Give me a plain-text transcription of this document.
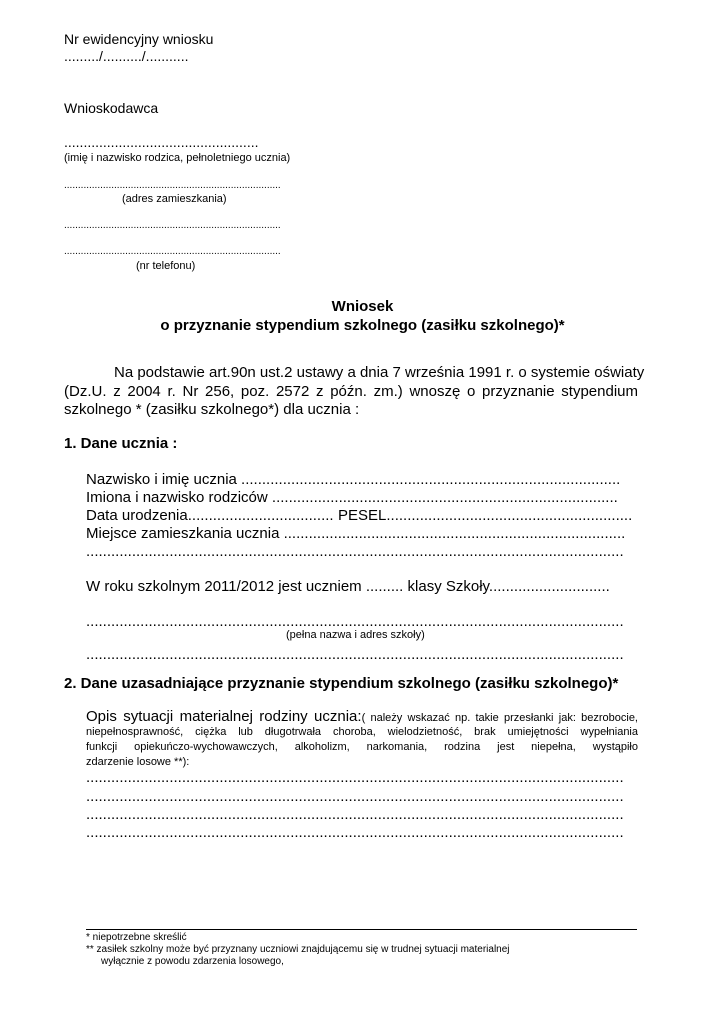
Nr ewidencyjny wniosku
........./........../...........
Wnioskodawca
..................................................
(imię i nazwisko rodzica, pełnoletniego ucznia)
..............................................................................
(adres zamieszkania)
..............................................................................
..............................................................................
(nr telefonu)
Wniosek
o przyznanie stypendium szkolnego (zasiłku szkolnego)*
Na podstawie art.90n ust.2 ustawy a dnia 7 września 1991 r. o systemie oświaty
(Dz.U. z 2004 r. Nr 256, poz. 2572 z późn. zm.) wnoszę o przyznanie stypendium
szkolnego * (zasiłku szkolnego*) dla ucznia :
1. Dane ucznia :
Nazwisko i imię ucznia ...........................................................................................
Imiona i nazwisko rodziców ...................................................................................
Data urodzenia................................... PESEL...........................................................
Miejsce zamieszkania ucznia ..................................................................................
.................................................................................................................................
W roku szkolnym 2011/2012 jest uczniem ......... klasy Szkoły.............................
.................................................................................................................................
(pełna nazwa i adres szkoły)
.................................................................................................................................
2. Dane uzasadniające przyznanie stypendium szkolnego (zasiłku szkolnego)*
Opis sytuacji materialnej rodziny ucznia:( należy wskazać np. takie przesłanki jak: bezrobocie,
niepełnosprawność, ciężka lub długotrwała choroba, wielodzietność, brak umiejętności wypełniania
funkcji opiekuńczo-wychowawczych, alkoholizm, narkomania, rodzina jest niepełna, wystąpiło
zdarzenie losowe **):
.................................................................................................................................
.................................................................................................................................
.................................................................................................................................
.................................................................................................................................
* niepotrzebne skreślić
** zasiłek szkolny może być przyznany uczniowi znajdującemu się w trudnej sytuacji materialnej
wyłącznie z powodu zdarzenia losowego,
